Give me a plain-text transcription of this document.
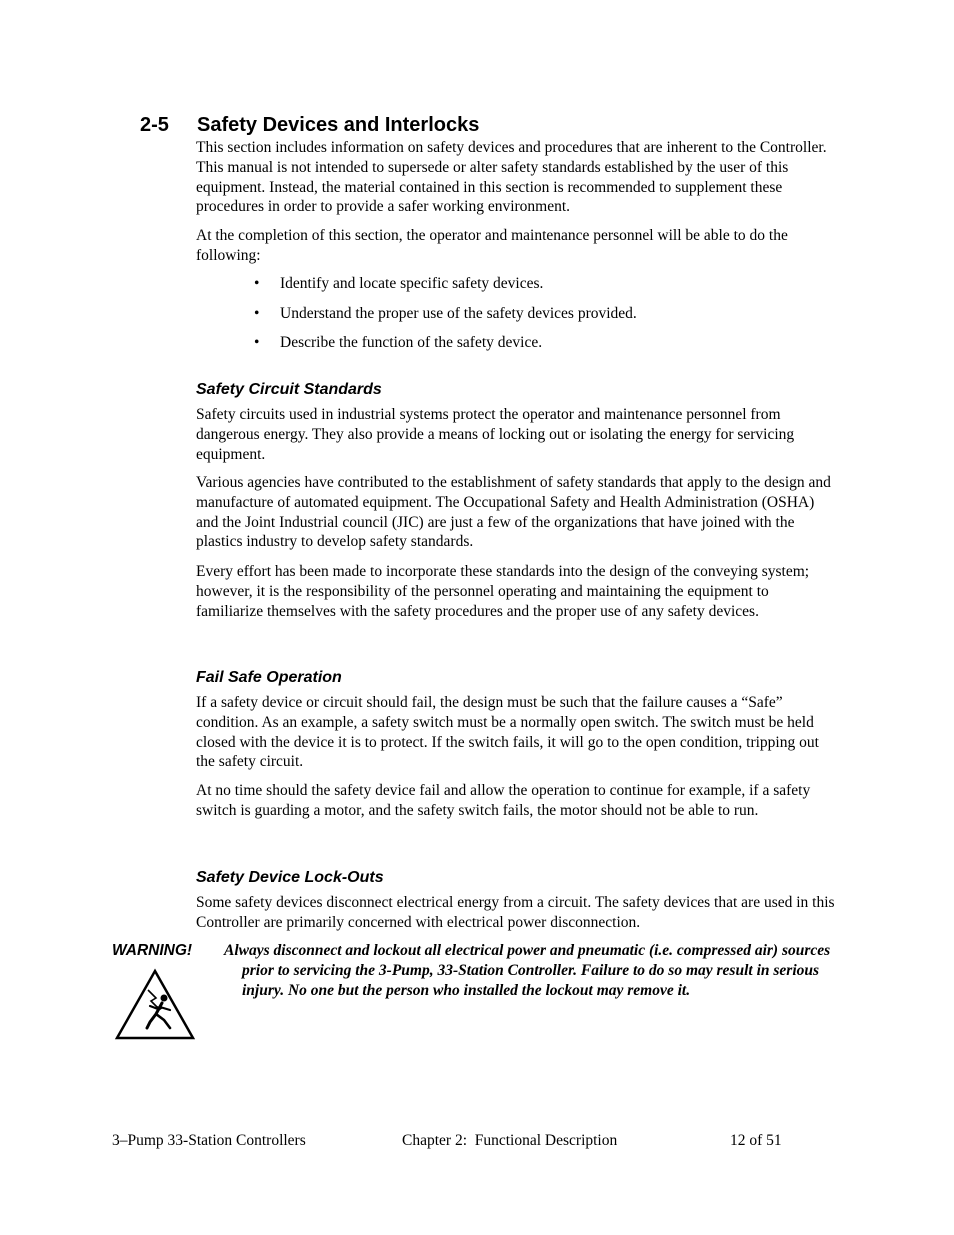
2-5 Safety Devices and Interlocks
This section includes information on safety devices and procedures that are inherent to the Controller. This manual is not intended to supersede or alter safety standards established by the user of this equipment. Instead, the material contained in this section is recommended to supplement these procedures in order to provide a safer working environment.
At the completion of this section, the operator and maintenance personnel will be able to do the following:
• Identify and locate specific safety devices.
• Understand the proper use of the safety devices provided.
• Describe the function of the safety device.
Safety Circuit Standards
Safety circuits used in industrial systems protect the operator and maintenance personnel from dangerous energy. They also provide a means of locking out or isolating the energy for servicing equipment.
Various agencies have contributed to the establishment of safety standards that apply to the design and manufacture of automated equipment. The Occupational Safety and Health Administration (OSHA) and the Joint Industrial council (JIC) are just a few of the organizations that have joined with the plastics industry to develop safety standards.
Every effort has been made to incorporate these standards into the design of the conveying system; however, it is the responsibility of the personnel operating and maintaining the equipment to familiarize themselves with the safety procedures and the proper use of any safety devices.
Fail Safe Operation
If a safety device or circuit should fail, the design must be such that the failure causes a “Safe” condition. As an example, a safety switch must be a normally open switch. The switch must be held closed with the device it is to protect. If the switch fails, it will go to the open condition, tripping out the safety circuit.
At no time should the safety device fail and allow the operation to continue for example, if a safety switch is guarding a motor, and the safety switch fails, the motor should not be able to run.
Safety Device Lock-Outs
Some safety devices disconnect electrical energy from a circuit. The safety devices that are used in this Controller are primarily concerned with electrical power disconnection.
WARNING! Always disconnect and lockout all electrical power and pneumatic (i.e. compressed air) sources prior to servicing the 3-Pump, 33-Station Controller. Failure to do so may result in serious injury. No one but the person who installed the lockout may remove it.
3–Pump 33-Station Controllers	Chapter 2:  Functional Description	12 of 51
